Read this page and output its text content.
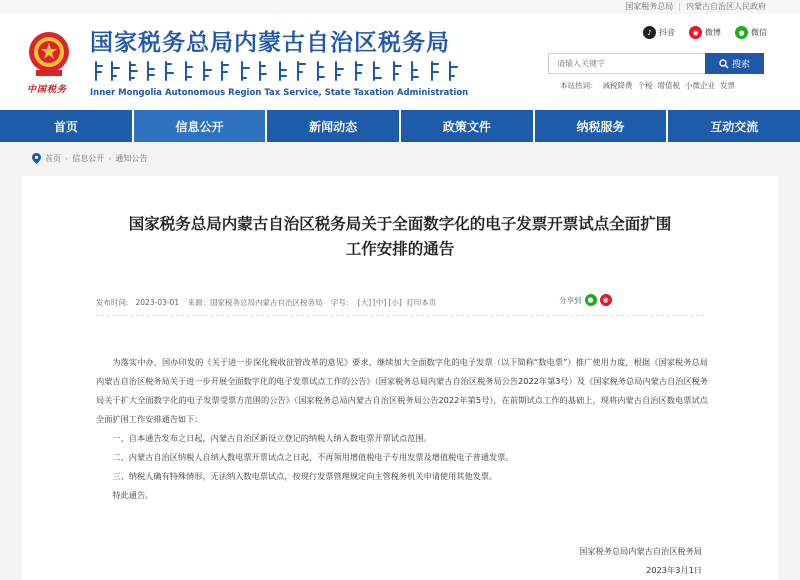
国家税务总局 | 内蒙古自治区人民政府
中国税务
国家税务总局内蒙古自治区税务局
Inner Mongolia Autonomous Region Tax Service, State Taxation Administration
♪ 抖音	◉ 微博	● 微信
请输入关键字
搜索
本站热词： 减税降费 个税 增值税 小微企业 发票
首页	信息公开	新闻动态	政策文件	纳税服务	互动交流
首页 › 信息公开 › 通知公告
国家税务总局内蒙古自治区税务局关于全面数字化的电子发票开票试点全面扩围
工作安排的通告
发布时间： 2023-03-01 来源：国家税务总局内蒙古自治区税务局 字号： [大] [中] [小] 打印本页	分享到 ●	◉

为落实中办、国办印发的《关于进一步深化税收征管改革的意见》要求，继续加大全面数字化的电子发票（以下简称“数电票”）推广使用力度，根据《国家税务总局内蒙古自治区税务局关于进一步开展全面数字化的电子发票试点工作的公告》（国家税务总局内蒙古自治区税务局公告2022年第3号）及《国家税务总局内蒙古自治区税务局关于扩大全面数字化的电子发票受票方范围的公告》（国家税务总局内蒙古自治区税务局公告2022年第5号），在前期试点工作的基础上，现将内蒙古自治区数电票试点全面扩围工作安排通告如下：

一、自本通告发布之日起，内蒙古自治区新设立登记的纳税人纳入数电票开票试点范围。

二、内蒙古自治区纳税人自纳入数电票开票试点之日起，不再领用增值税电子专用发票及增值税电子普通发票。

三、纳税人确有特殊情形，无法纳入数电票试点，按现行发票管理规定向主管税务机关申请使用其他发票。

特此通告。

国家税务总局内蒙古自治区税务局
2023年3月1日
